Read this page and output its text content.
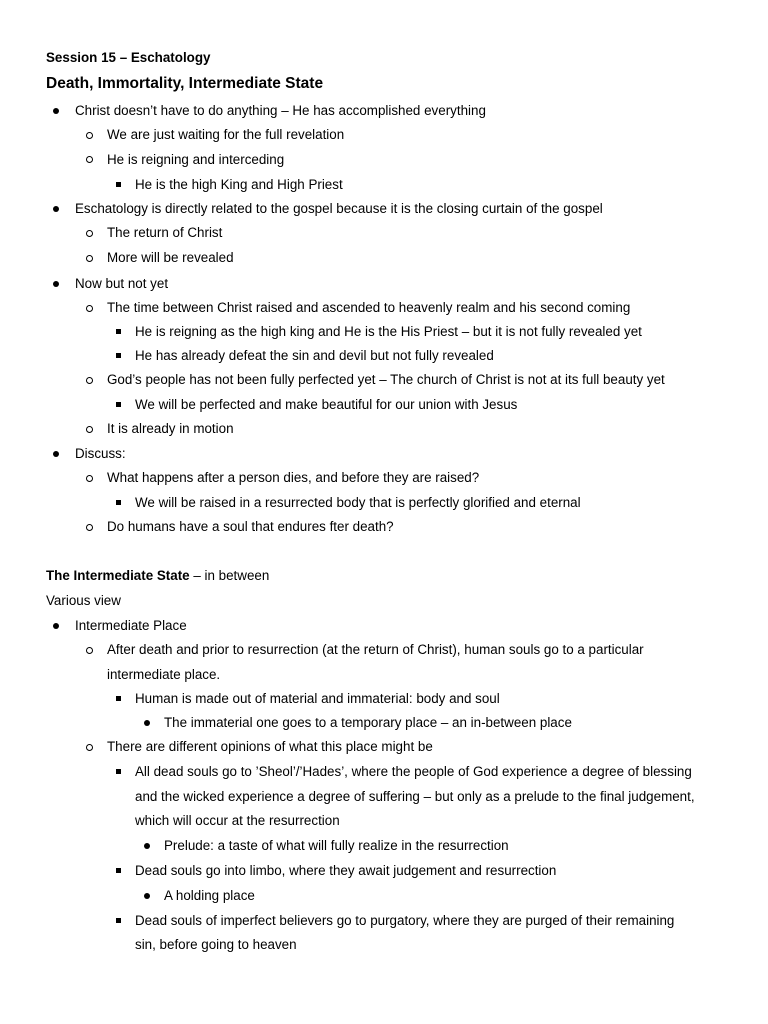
Session 15 – Eschatology
Death, Immortality, Intermediate State
Christ doesn’t have to do anything – He has accomplished everything
We are just waiting for the full revelation
He is reigning and interceding
He is the high King and High Priest
Eschatology is directly related to the gospel because it is the closing curtain of the gospel
The return of Christ
More will be revealed
Now but not yet
The time between Christ raised and ascended to heavenly realm and his second coming
He is reigning as the high king and He is the His Priest – but it is not fully revealed yet
He has already defeat the sin and devil but not fully revealed
God’s people has not been fully perfected yet – The church of Christ is not at its full beauty yet
We will be perfected and make beautiful for our union with Jesus
It is already in motion
Discuss:
What happens after a person dies, and before they are raised?
We will be raised in a resurrected body that is perfectly glorified and eternal
Do humans have a soul that endures fter death?
The Intermediate State – in between
Various view
Intermediate Place
After death and prior to resurrection (at the return of Christ), human souls go to a particular
intermediate place.
Human is made out of material and immaterial: body and soul
The immaterial one goes to a temporary place – an in-between place
There are different opinions of what this place might be
All dead souls go to ’Sheol’/’Hades’, where the people of God experience a degree of blessing
and the wicked experience a degree of suffering – but only as a prelude to the final judgement,
which will occur at the resurrection
Prelude: a taste of what will fully realize in the resurrection
Dead souls go into limbo, where they await judgement and resurrection
A holding place
Dead souls of imperfect believers go to purgatory, where they are purged of their remaining
sin, before going to heaven
